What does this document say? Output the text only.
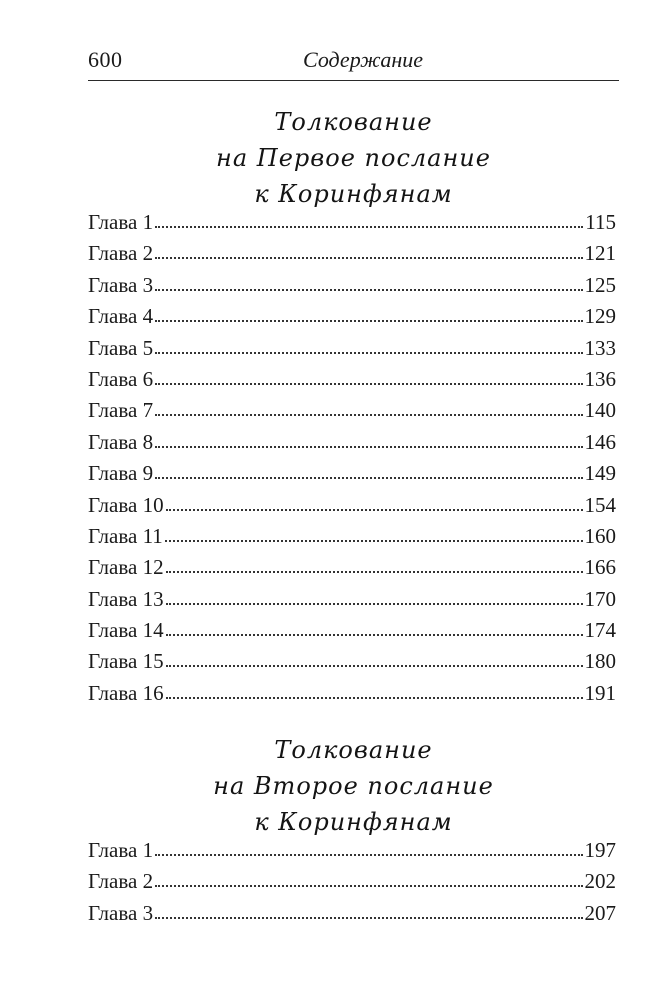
600	Содержание
Толкование
на Первое послание
к Коринфянам
Глава 1	115
Глава 2	121
Глава 3	125
Глава 4	129
Глава 5	133
Глава 6	136
Глава 7	140
Глава 8	146
Глава 9	149
Глава 10	154
Глава 11	160
Глава 12	166
Глава 13	170
Глава 14	174
Глава 15	180
Глава 16	191
Толкование
на Второе послание
к Коринфянам
Глава 1	197
Глава 2	202
Глава 3	207
